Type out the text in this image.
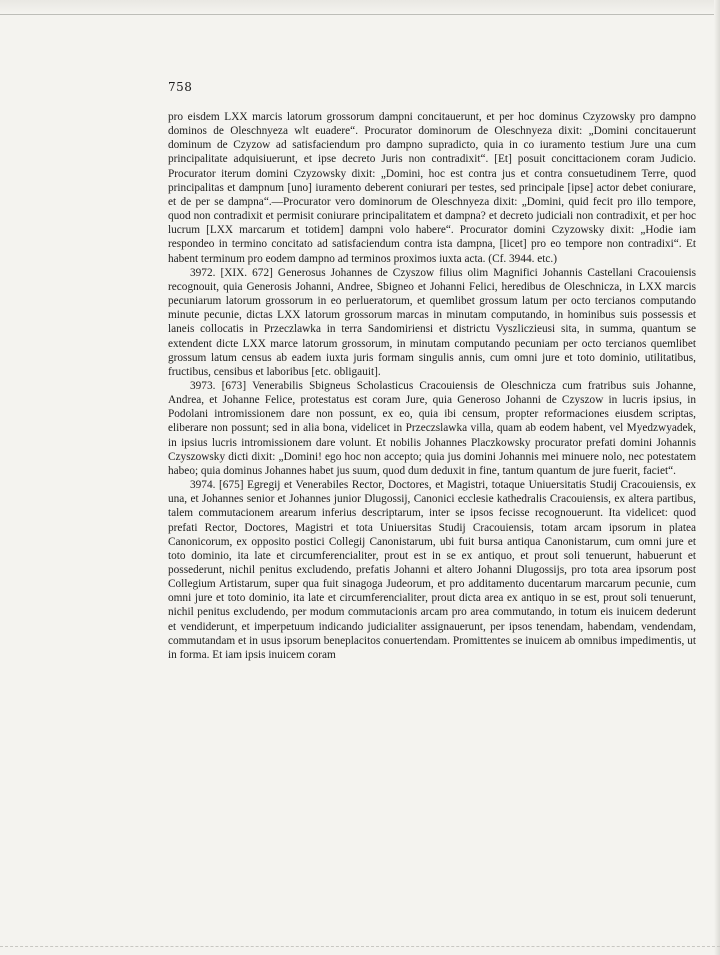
758

pro eisdem LXX marcis latorum grossorum dampni concitauerunt, et per hoc dominus Czyzowsky pro dampno dominos de Oleschnyeza wlt euadere“. Procurator dominorum de Oleschnyeza dixit: „Domini concitauerunt dominum de Czyzow ad satisfaciendum pro dampno supradicto, quia in co iuramento testium Jure una cum principalitate adquisiuerunt, et ipse decreto Juris non contradixit“. [Et] posuit concittacionem coram Judicio. Procurator iterum domini Czyzowsky dixit: „Domini, hoc est contra jus et contra consuetudinem Terre, quod principalitas et dampnum [uno] iuramento deberent coniurari per testes, sed principale [ipse] actor debet coniurare, et de per se dampna“.—Procurator vero dominorum de Oleschnyeza dixit: „Domini, quid fecit pro illo tempore, quod non contradixit et permisit coniurare principalitatem et dampna? et decreto judiciali non contradixit, et per hoc lucrum [LXX marcarum et totidem] dampni volo habere“. Procurator domini Czyzowsky dixit: „Hodie iam respondeo in termino concitato ad satisfaciendum contra ista dampna, [licet] pro eo tempore non contradixi“. Et habent terminum pro eodem dampno ad terminos proximos iuxta acta. (Cf. 3944. etc.)

3972. [XIX. 672] Generosus Johannes de Czyszow filius olim Magnifici Johannis Castellani Cracouiensis recognouit, quia Generosis Johanni, Andree, Sbigneo et Johanni Felici, heredibus de Oleschnicza, in LXX marcis pecuniarum latorum grossorum in eo perlueratorum, et quemlibet grossum latum per octo tercianos computando minute pecunie, dictas LXX latorum grossorum marcas in minutam computando, in hominibus suis possessis et laneis collocatis in Przeczlawka in terra Sandomiriensi et districtu Vyszliczieusi sita, in summa, quantum se extendent dicte LXX marce latorum grossorum, in minutam computando pecuniam per octo tercianos quemlibet grossum latum census ab eadem iuxta juris formam singulis annis, cum omni jure et toto dominio, utilitatibus, fructibus, censibus et laboribus [etc. obligauit].

3973. [673] Venerabilis Sbigneus Scholasticus Cracouiensis de Oleschnicza cum fratribus suis Johanne, Andrea, et Johanne Felice, protestatus est coram Jure, quia Generoso Johanni de Czyszow in lucris ipsius, in Podolani intromissionem dare non possunt, ex eo, quia ibi censum, propter reformaciones eiusdem scriptas, eliberare non possunt; sed in alia bona, videlicet in Przeczslawka villa, quam ab eodem habent, vel Myedzwyadek, in ipsius lucris intromissionem dare volunt. Et nobilis Johannes Placzkowsky procurator prefati domini Johannis Czyszowsky dicti dixit: „Domini! ego hoc non accepto; quia jus domini Johannis mei minuere nolo, nec potestatem habeo; quia dominus Johannes habet jus suum, quod dum deduxit in fine, tantum quantum de jure fuerit, faciet“.

3974. [675] Egregij et Venerabiles Rector, Doctores, et Magistri, totaque Uniuersitatis Studij Cracouiensis, ex una, et Johannes senior et Johannes junior Dlugossij, Canonici ecclesie kathedralis Cracouiensis, ex altera partibus, talem commutacionem arearum inferius descriptarum, inter se ipsos fecisse recognouerunt. Ita videlicet: quod prefati Rector, Doctores, Magistri et tota Uniuersitas Studij Cracouiensis, totam arcam ipsorum in platea Canonicorum, ex opposito postici Collegij Canonistarum, ubi fuit bursa antiqua Canonistarum, cum omni jure et toto dominio, ita late et circumferencialiter, prout est in se ex antiquo, et prout soli tenuerunt, habuerunt et possederunt, nichil penitus excludendo, prefatis Johanni et altero Johanni Dlugossijs, pro tota area ipsorum post Collegium Artistarum, super qua fuit sinagoga Judeorum, et pro additamento ducentarum marcarum pecunie, cum omni jure et toto dominio, ita late et circumferencialiter, prout dicta area ex antiquo in se est, prout soli tenuerunt, nichil penitus excludendo, per modum commutacionis arcam pro area commutando, in totum eis inuicem dederunt et vendiderunt, et imperpetuum indicando judicialiter assignauerunt, per ipsos tenendam, habendam, vendendam, commutandam et in usus ipsorum beneplacitos conuertendam. Promittentes se inuicem ab omnibus impedimentis, ut in forma. Et iam ipsis inuicem coram
